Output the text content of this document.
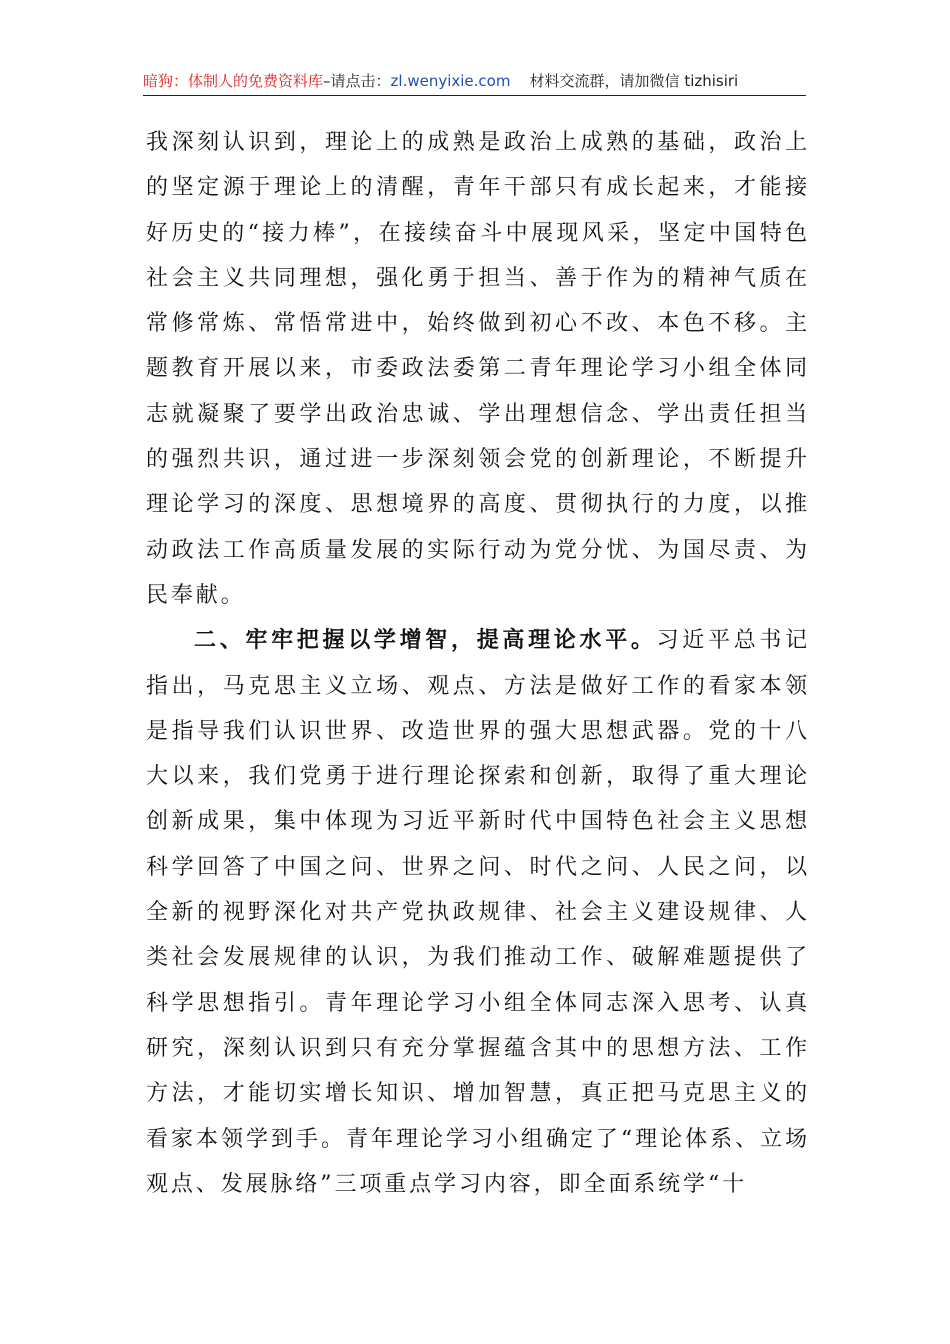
暗狗：体制人的免费资料库–请点击：zl.wenyixie.com 材料交流群，请加微信 tizhisiri

我深刻认识到，理论上的成熟是政治上成熟的基础，政治上的坚定源于理论上的清醒，青年干部只有成长起来，才能接好历史的“接力棒”，在接续奋斗中展现风采，坚定中国特色社会主义共同理想，强化勇于担当、善于作为的精神气质在常修常炼、常悟常进中，始终做到初心不改、本色不移。主题教育开展以来，市委政法委第二青年理论学习小组全体同志就凝聚了要学出政治忠诚、学出理想信念、学出责任担当的强烈共识，通过进一步深刻领会党的创新理论，不断提升理论学习的深度、思想境界的高度、贯彻执行的力度，以推动政法工作高质量发展的实际行动为党分忧、为国尽责、为民奉献。

二、牢牢把握以学增智，提高理论水平。习近平总书记指出，马克思主义立场、观点、方法是做好工作的看家本领是指导我们认识世界、改造世界的强大思想武器。党的十八大以来，我们党勇于进行理论探索和创新，取得了重大理论创新成果，集中体现为习近平新时代中国特色社会主义思想科学回答了中国之问、世界之问、时代之问、人民之问，以全新的视野深化对共产党执政规律、社会主义建设规律、人类社会发展规律的认识，为我们推动工作、破解难题提供了科学思想指引。青年理论学习小组全体同志深入思考、认真研究，深刻认识到只有充分掌握蕴含其中的思想方法、工作方法，才能切实增长知识、增加智慧，真正把马克思主义的看家本领学到手。青年理论学习小组确定了“理论体系、立场观点、发展脉络”三项重点学习内容，即全面系统学“十
